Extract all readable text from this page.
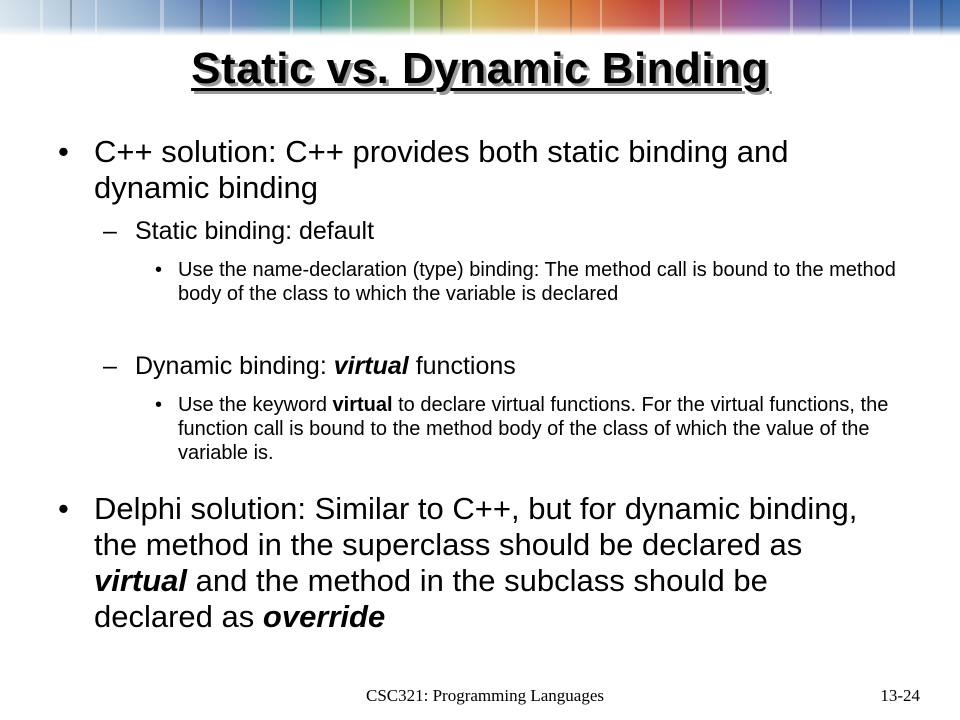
Static vs. Dynamic Binding
• C++ solution: C++ provides both static binding and dynamic binding
– Static binding: default
• Use the name-declaration (type) binding: The method call is bound to the method body of the class to which the variable is declared
– Dynamic binding: virtual functions
• Use the keyword virtual to declare virtual functions. For the virtual functions, the function call is bound to the method body of the class of which the value of the variable is.
• Delphi solution: Similar to C++, but for dynamic binding, the method in the superclass should be declared as virtual and the method in the subclass should be declared as override
CSC321: Programming Languages	13-24
